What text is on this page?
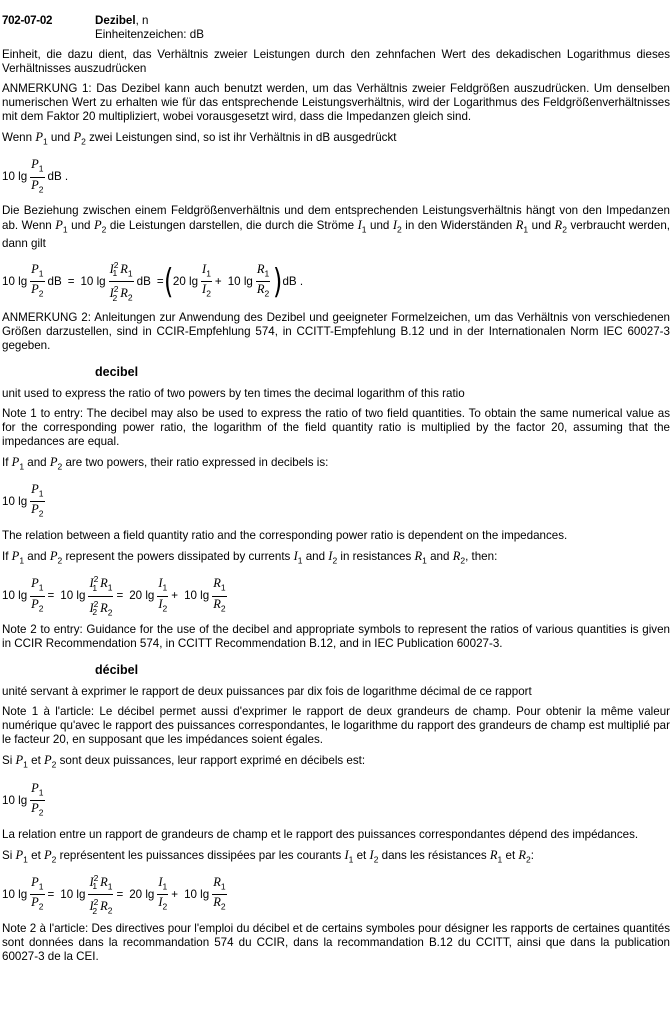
702-07-02	Dezibel, n
Einheitenzeichen: dB

Einheit, die dazu dient, das Verhältnis zweier Leistungen durch den zehnfachen Wert des dekadischen Logarithmus dieses Verhältnisses auszudrücken

ANMERKUNG 1: Das Dezibel kann auch benutzt werden, um das Verhältnis zweier Feldgrößen auszudrücken. Um denselben numerischen Wert zu erhalten wie für das entsprechende Leistungsverhältnis, wird der Logarithmus des Feldgrößenverhältnisses mit dem Faktor 20 multipliziert, wobei vorausgesetzt wird, dass die Impedanzen gleich sind.

Wenn $P_1$ und $P_2$ zwei Leistungen sind, so ist ihr Verhältnis in dB ausgedrückt

10 $\lg \frac{P_1}{P_2}$ dB .

Die Beziehung zwischen einem Feldgrößenverhältnis und dem entsprechenden Leistungsverhältnis hängt von den Impedanzen ab. Wenn $P_1$ und $P_2$ die Leistungen darstellen, die durch die Ströme $I_1$ und $I_2$ in den Widerständen $R_1$ und $R_2$ verbraucht werden, dann gilt

10 $\lg \frac{P_1}{P_2}$ dB = 10 $\lg \frac{I^2_1 R_1}{I^2_2 R_2}$ dB = ( 20 $\lg \frac{I_1}{I_2} + 10$ $\lg \frac{R_1}{R_2}$ ) dB .

ANMERKUNG 2: Anleitungen zur Anwendung des Dezibel und geeigneter Formelzeichen, um das Verhältnis von verschiedenen Größen darzustellen, sind in CCIR-Empfehlung 574, in CCITT-Empfehlung B.12 und in der Internationalen Norm IEC 60027-3 gegeben.

decibel

unit used to express the ratio of two powers by ten times the decimal logarithm of this ratio

Note 1 to entry: The decibel may also be used to express the ratio of two field quantities. To obtain the same numerical value as for the corresponding power ratio, the logarithm of the field quantity ratio is multiplied by the factor 20, assuming that the impedances are equal.

If $P_1$ and $P_2$ are two powers, their ratio expressed in decibels is:

10 $\lg \frac{P_1}{P_2}$

The relation between a field quantity ratio and the corresponding power ratio is dependent on the impedances.

If $P_1$ and $P_2$ represent the powers dissipated by currents $I_1$ and $I_2$ in resistances $R_1$ and $R_2$, then:

10 $\lg \frac{P_1}{P_2} = 10$ $\lg \frac{I^2_1 R_1}{I^2_2 R_2} = 20$ $\lg \frac{I_1}{I_2} + 10$ $\lg \frac{R_1}{R_2}$

Note 2 to entry: Guidance for the use of the decibel and appropriate symbols to represent the ratios of various quantities is given in CCIR Recommendation 574, in CCITT Recommendation B.12, and in IEC Publication 60027-3.

décibel

unité servant à exprimer le rapport de deux puissances par dix fois de logarithme décimal de ce rapport

Note 1 à l'article: Le décibel permet aussi d'exprimer le rapport de deux grandeurs de champ. Pour obtenir la même valeur numérique qu'avec le rapport des puissances correspondantes, le logarithme du rapport des grandeurs de champ est multiplié par le facteur 20, en supposant que les impédances soient égales.

Si $P_1$ et $P_2$ sont deux puissances, leur rapport exprimé en décibels est:

10 $\lg \frac{P_1}{P_2}$

La relation entre un rapport de grandeurs de champ et le rapport des puissances correspondantes dépend des impédances.

Si $P_1$ et $P_2$ représentent les puissances dissipées par les courants $I_1$ et $I_2$ dans les résistances $R_1$ et $R_2$:

10 $\lg \frac{P_1}{P_2} = 10$ $\lg \frac{I^2_1 R_1}{I^2_2 R_2} = 20$ $\lg \frac{I_1}{I_2} + 10$ $\lg \frac{R_1}{R_2}$

Note 2 à l'article: Des directives pour l'emploi du décibel et de certains symboles pour désigner les rapports de certaines quantités sont données dans la recommandation 574 du CCIR, dans la recommandation B.12 du CCITT, ainsi que dans la publication 60027-3 de la CEI.
